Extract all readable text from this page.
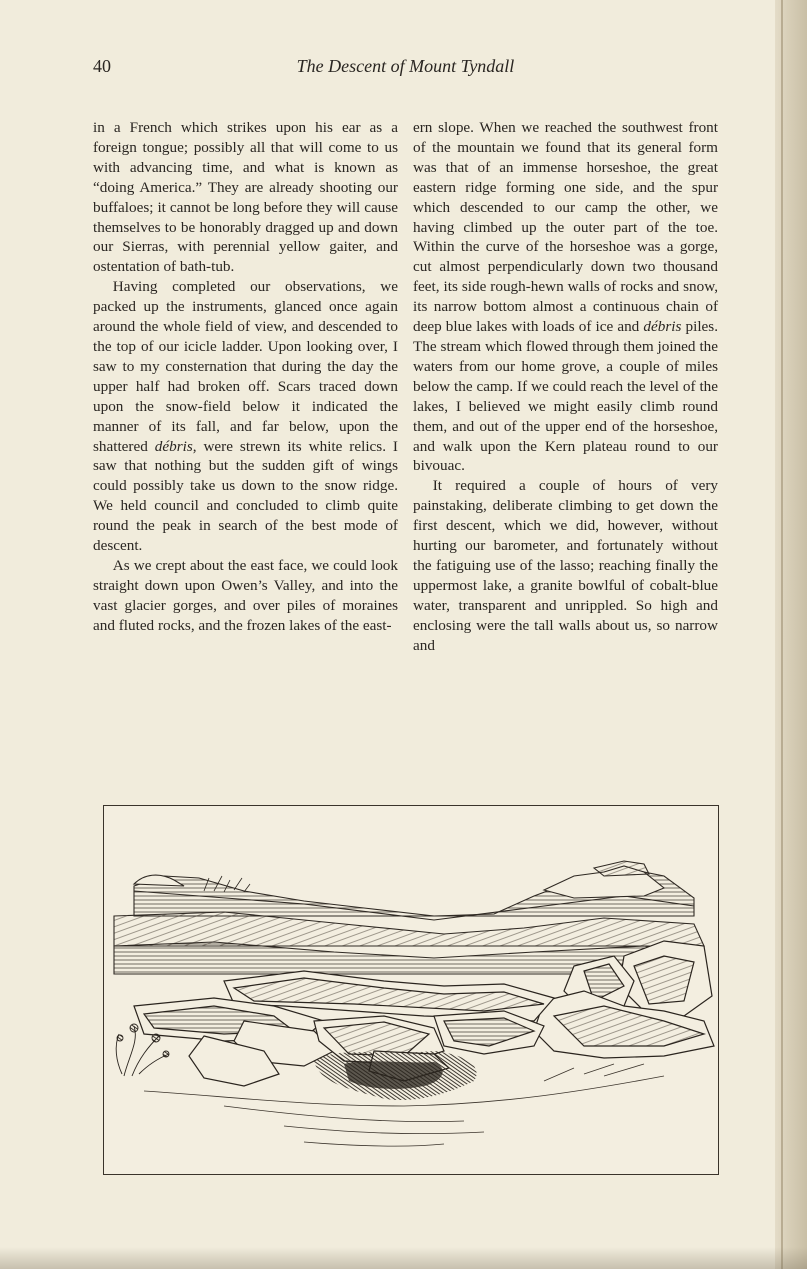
40	The Descent of Mount Tyndall

in a French which strikes upon his ear as a foreign tongue; possibly all that will come to us with advancing time, and what is known as “doing America.” They are already shooting our buffaloes; it cannot be long before they will cause themselves to be honorably dragged up and down our Sierras, with perennial yellow gaiter, and ostentation of bath-tub.

Having completed our observations, we packed up the instruments, glanced once again around the whole field of view, and descended to the top of our icicle ladder. Upon looking over, I saw to my consternation that during the day the upper half had broken off. Scars traced down upon the snow-field below it indicated the manner of its fall, and far below, upon the shattered débris, were strewn its white relics. I saw that nothing but the sudden gift of wings could possibly take us down to the snow ridge. We held council and concluded to climb quite round the peak in search of the best mode of descent.

As we crept about the east face, we could look straight down upon Owen’s Valley, and into the vast glacier gorges, and over piles of moraines and fluted rocks, and the frozen lakes of the east-

ern slope. When we reached the southwest front of the mountain we found that its general form was that of an immense horseshoe, the great eastern ridge forming one side, and the spur which descended to our camp the other, we having climbed up the outer part of the toe. Within the curve of the horseshoe was a gorge, cut almost perpendicularly down two thousand feet, its side rough-hewn walls of rocks and snow, its narrow bottom almost a continuous chain of deep blue lakes with loads of ice and débris piles. The stream which flowed through them joined the waters from our home grove, a couple of miles below the camp. If we could reach the level of the lakes, I believed we might easily climb round them, and out of the upper end of the horseshoe, and walk upon the Kern plateau round to our bivouac.

It required a couple of hours of very painstaking, deliberate climbing to get down the first descent, which we did, however, without hurting our barometer, and fortunately without the fatiguing use of the lasso; reaching finally the uppermost lake, a granite bowlful of cobalt-blue water, transparent and unrippled. So high and enclosing were the tall walls about us, so narrow and
